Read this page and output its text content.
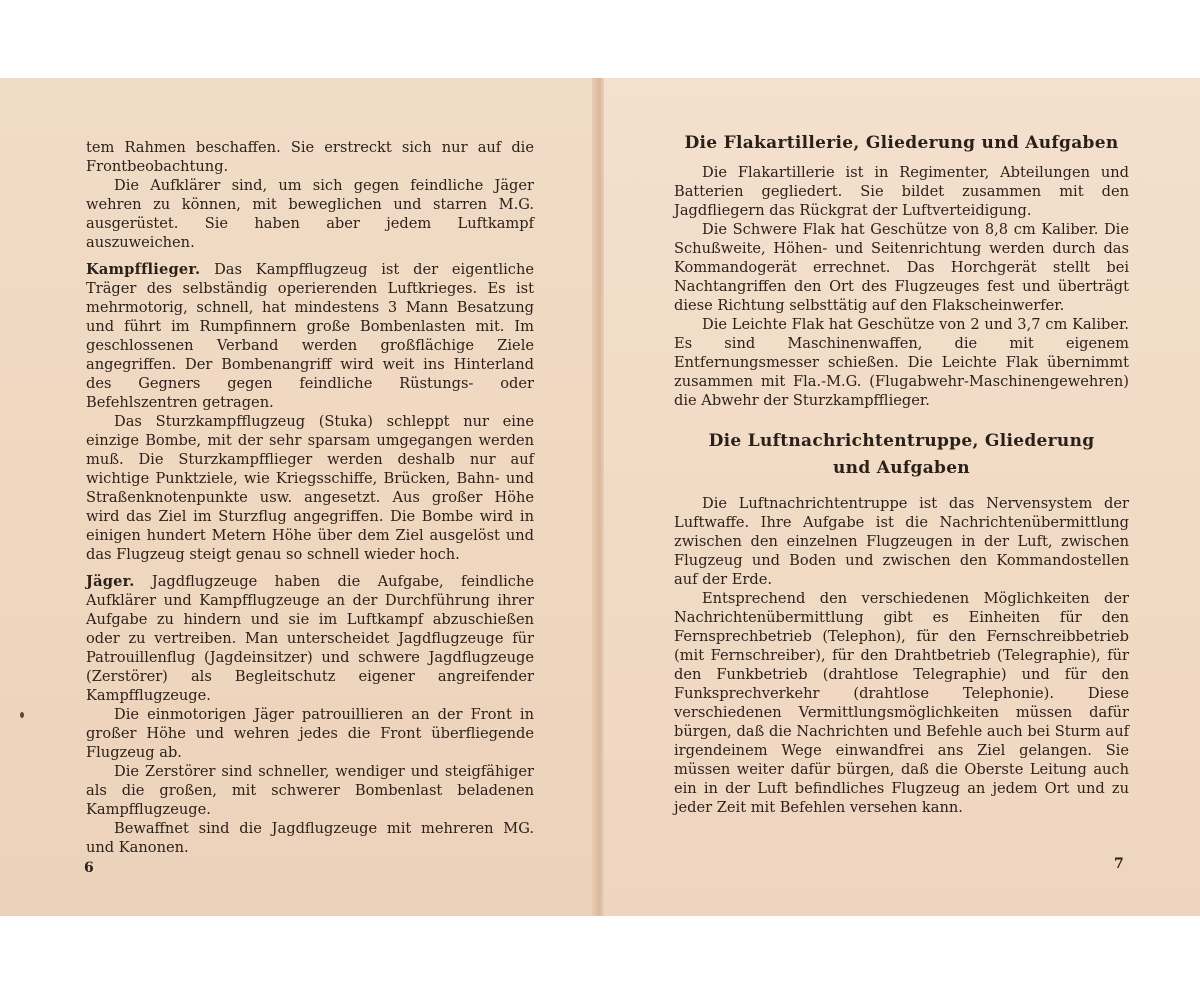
tem Rahmen beschaffen. Sie erstreckt sich nur auf die Frontbeobachtung.

Die Aufklärer sind, um sich gegen feindliche Jäger wehren zu können, mit beweglichen und starren M.G. ausgerüstet. Sie haben aber jedem Luftkampf auszuweichen.

Kampfflieger. Das Kampfflugzeug ist der eigentliche Träger des selbständig operierenden Luftkrieges. Es ist mehrmotorig, schnell, hat mindestens 3 Mann Besatzung und führt im Rumpfinnern große Bombenlasten mit. Im geschlossenen Verband werden großflächige Ziele angegriffen. Der Bombenangriff wird weit ins Hinterland des Gegners gegen feindliche Rüstungs- oder Befehlszentren getragen.

Das Sturzkampfflugzeug (Stuka) schleppt nur eine einzige Bombe, mit der sehr sparsam umgegangen werden muß. Die Sturzkampfflieger werden deshalb nur auf wichtige Punktziele, wie Kriegsschiffe, Brücken, Bahn- und Straßenknotenpunkte usw. angesetzt. Aus großer Höhe wird das Ziel im Sturzflug angegriffen. Die Bombe wird in einigen hundert Metern Höhe über dem Ziel ausgelöst und das Flugzeug steigt genau so schnell wieder hoch.

Jäger. Jagdflugzeuge haben die Aufgabe, feindliche Aufklärer und Kampfflugzeuge an der Durchführung ihrer Aufgabe zu hindern und sie im Luftkampf abzuschießen oder zu vertreiben. Man unterscheidet Jagdflugzeuge für Patrouillenflug (Jagdeinsitzer) und schwere Jagdflugzeuge (Zerstörer) als Begleitschutz eigener angreifender Kampfflugzeuge.

Die einmotorigen Jäger patrouillieren an der Front in großer Höhe und wehren jedes die Front überfliegende Flugzeug ab.

Die Zerstörer sind schneller, wendiger und steigfähiger als die großen, mit schwerer Bombenlast beladenen Kampfflugzeuge.

Bewaffnet sind die Jagdflugzeuge mit mehreren MG. und Kanonen.

6
Die Flakartillerie, Gliederung und Aufgaben

Die Flakartillerie ist in Regimenter, Abteilungen und Batterien gegliedert. Sie bildet zusammen mit den Jagdfliegern das Rückgrat der Luftverteidigung.

Die Schwere Flak hat Geschütze von 8,8 cm Kaliber. Die Schußweite, Höhen- und Seitenrichtung werden durch das Kommandogerät errechnet. Das Horchgerät stellt bei Nachtangriffen den Ort des Flugzeuges fest und überträgt diese Richtung selbsttätig auf den Flakscheinwerfer.

Die Leichte Flak hat Geschütze von 2 und 3,7 cm Kaliber. Es sind Maschinenwaffen, die mit eigenem Entfernungsmesser schießen. Die Leichte Flak übernimmt zusammen mit Fla.-M.G. (Flugabwehr-Maschinengewehren) die Abwehr der Sturzkampfflieger.

Die Luftnachrichtentruppe, Gliederung
und Aufgaben

Die Luftnachrichtentruppe ist das Nervensystem der Luftwaffe. Ihre Aufgabe ist die Nachrichtenübermittlung zwischen den einzelnen Flugzeugen in der Luft, zwischen Flugzeug und Boden und zwischen den Kommandostellen auf der Erde.

Entsprechend den verschiedenen Möglichkeiten der Nachrichtenübermittlung gibt es Einheiten für den Fernsprechbetrieb (Telephon), für den Fernschreibbetrieb (mit Fernschreiber), für den Drahtbetrieb (Telegraphie), für den Funkbetrieb (drahtlose Telegraphie) und für den Funksprechverkehr (drahtlose Telephonie). Diese verschiedenen Vermittlungsmöglichkeiten müssen dafür bürgen, daß die Nachrichten und Befehle auch bei Sturm auf irgendeinem Wege einwandfrei ans Ziel gelangen. Sie müssen weiter dafür bürgen, daß die Oberste Leitung auch ein in der Luft befindliches Flugzeug an jedem Ort und zu jeder Zeit mit Befehlen versehen kann.

7
